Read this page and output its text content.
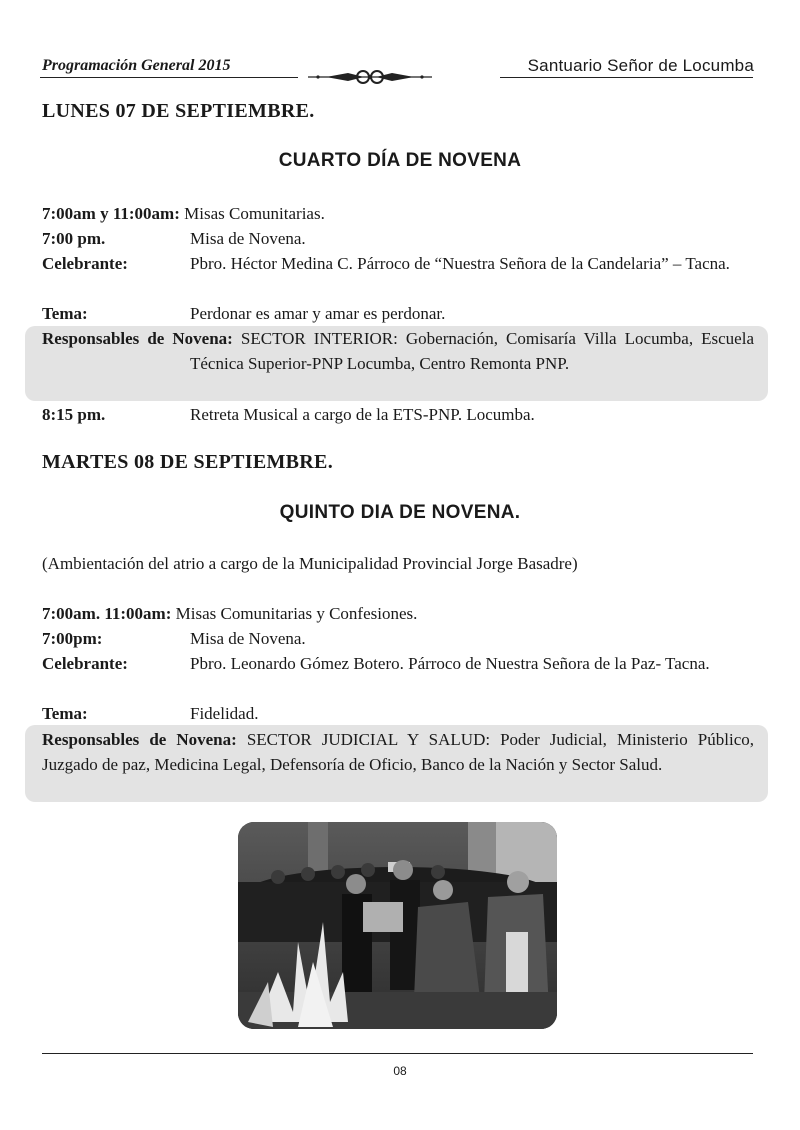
Programación General 2015	Santuario Señor de Locumba
LUNES 07 DE SEPTIEMBRE.
CUARTO DÍA DE NOVENA
7:00am y 11:00am: Misas Comunitarias.
7:00 pm.	Misa de Novena.
Celebrante:	Pbro. Héctor Medina C. Párroco de “Nuestra Señora de la Candelaria” – Tacna.
Tema:	Perdonar es amar y amar es perdonar.
Responsables de Novena: SECTOR INTERIOR: Gobernación, Comisaría Villa Locumba, Escuela Técnica Superior-PNP Locumba, Centro Remonta PNP.
8:15 pm.	Retreta Musical a cargo de la ETS-PNP. Locumba.
MARTES 08 DE SEPTIEMBRE.
QUINTO DIA DE NOVENA.
(Ambientación del atrio a cargo de la Municipalidad Provincial Jorge Basadre)
7:00am. 11:00am: Misas Comunitarias y Confesiones.
7:00pm:	Misa de Novena.
Celebrante:	Pbro. Leonardo Gómez Botero. Párroco de Nuestra Señora de la Paz- Tacna.
Tema:	Fidelidad.
Responsables de Novena: SECTOR JUDICIAL Y SALUD: Poder Judicial, Ministerio Público, Juzgado de paz, Medicina Legal, Defensoría de Oficio, Banco de la Nación y Sector Salud.
08
